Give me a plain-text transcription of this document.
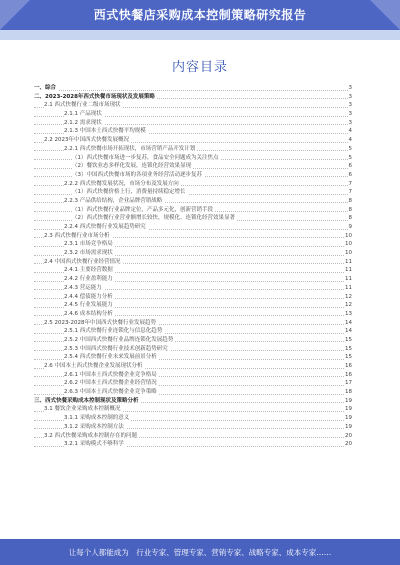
西式快餐店采购成本控制策略研究报告
内容目录
一、综合	3
二、2023-2028年西式快餐市场现状及发展策略	3
2.1 西式快餐行业二级市场现状	3
2.1.1 产品现状	3
2.1.2 需求现状	3
2.1.3 中国本土西式快餐平均规模	4
2.2 2023年中国西式快餐发展概况	4
2.2.1 西式快餐市场开拓现状，市场营销产品开发计划	5
（1）西式快餐市场进一步复苏，食品安全问题成为关注焦点	5
（2）餐饮业态多样化发展，连锁化经营效果显现	6
（3）中国西式快餐市场的各项业务经营活动逐步复苏	6
2.2.2 西式快餐发展状况，市场分布及发展方向	7
（1）西式快餐价格上行，消费量持续稳定增长	7
2.2.3 产品供给结构，企业品牌营销战略	8
（1）西式快餐行业品牌定位，产品多元化，创新营销手段	8
（2）西式快餐行业营业额增长较快，规模化、连锁化经营效果显著	8
2.2.4 西式快餐行业发展趋势研究	9
2.3 西式快餐行业市场分析	10
2.3.1 市场竞争格局	10
2.3.2 市场需求现状	10
2.4 中国西式快餐行业经营情况	11
2.4.1 主要经营数据	11
2.4.2 行业盈利能力	11
2.4.3 营运能力	11
2.4.4 偿债能力分析	12
2.4.5 行业发展能力	12
2.4.6 成本结构分析	13
2.5 2023-2028年中国西式快餐行业发展趋势	14
2.5.1 西式快餐行业连锁化与信息化趋势	14
2.5.2 中国西式快餐行业品牌连锁化发展趋势	15
2.5.3 中国西式快餐行业技术创新趋势研究	15
2.5.4 西式快餐行业未来发展前景分析	15
2.6 中国本土西式快餐企业发展现状分析	16
2.6.1 中国本土西式快餐企业竞争格局	16
2.6.2 中国本土西式快餐企业经营情况	17
2.6.3 中国本土西式快餐企业竞争策略	18
三、西式快餐采购成本控制现状及策略分析	19
3.1 餐饮企业采购成本控制概况	19
3.1.1 采购成本控制的意义	19
3.1.2 采购成本控制方法	19
3.2 西式快餐采购成本控制存在的问题	20
3.2.1 采购模式不够科学	20
让每个人都能成为　行业专家、管理专家、营销专家、战略专家、成本专家……
